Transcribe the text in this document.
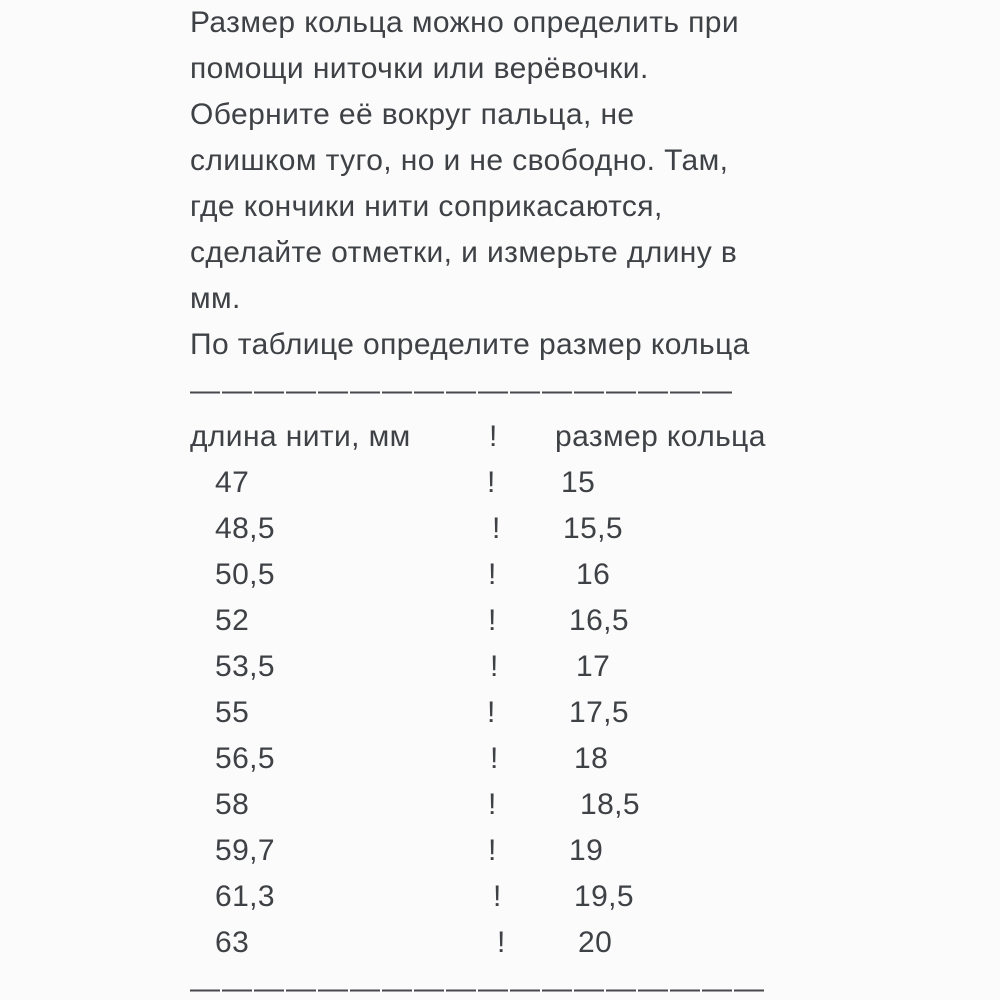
Размер кольца можно определить при
помощи ниточки или верёвочки.
Оберните её вокруг пальца, не
слишком туго, но и не свободно. Там,
где кончики нити соприкасаются,
сделайте отметки, и измерьте длину в
мм.
По таблице определите размер кольца
—————————————————
длина нити, мм	! размер кольца
47	! 15
48,5	! 15,5
50,5	!	16
52	! 16,5
53,5	!	17
55	! 17,5
56,5	!	18
58	!	18,5
59,7	! 19
61,3	! 19,5
63	! 20
——————————————————
